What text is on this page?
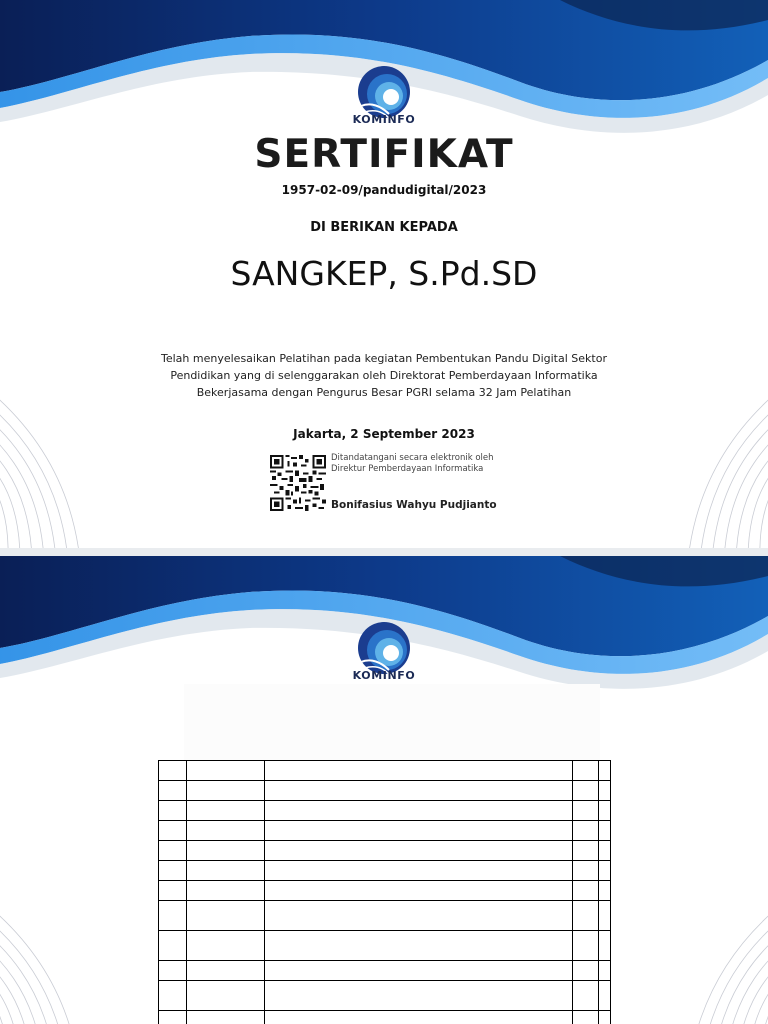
KOMINFO
SERTIFIKAT
1957-02-09/pandudigital/2023
DI BERIKAN KEPADA
SANGKEP, S.Pd.SD
Telah menyelesaikan Pelatihan pada kegiatan Pembentukan Pandu Digital Sektor
Pendidikan yang di selenggarakan oleh Direktorat Pemberdayaan Informatika
Bekerjasama dengan Pengurus Besar PGRI selama 32 Jam Pelatihan
Jakarta, 2 September 2023
Ditandatangani secara elektronik oleh
Direktur Pemberdayaan Informatika
Bonifasius Wahyu Pudjianto
KOMINFO
